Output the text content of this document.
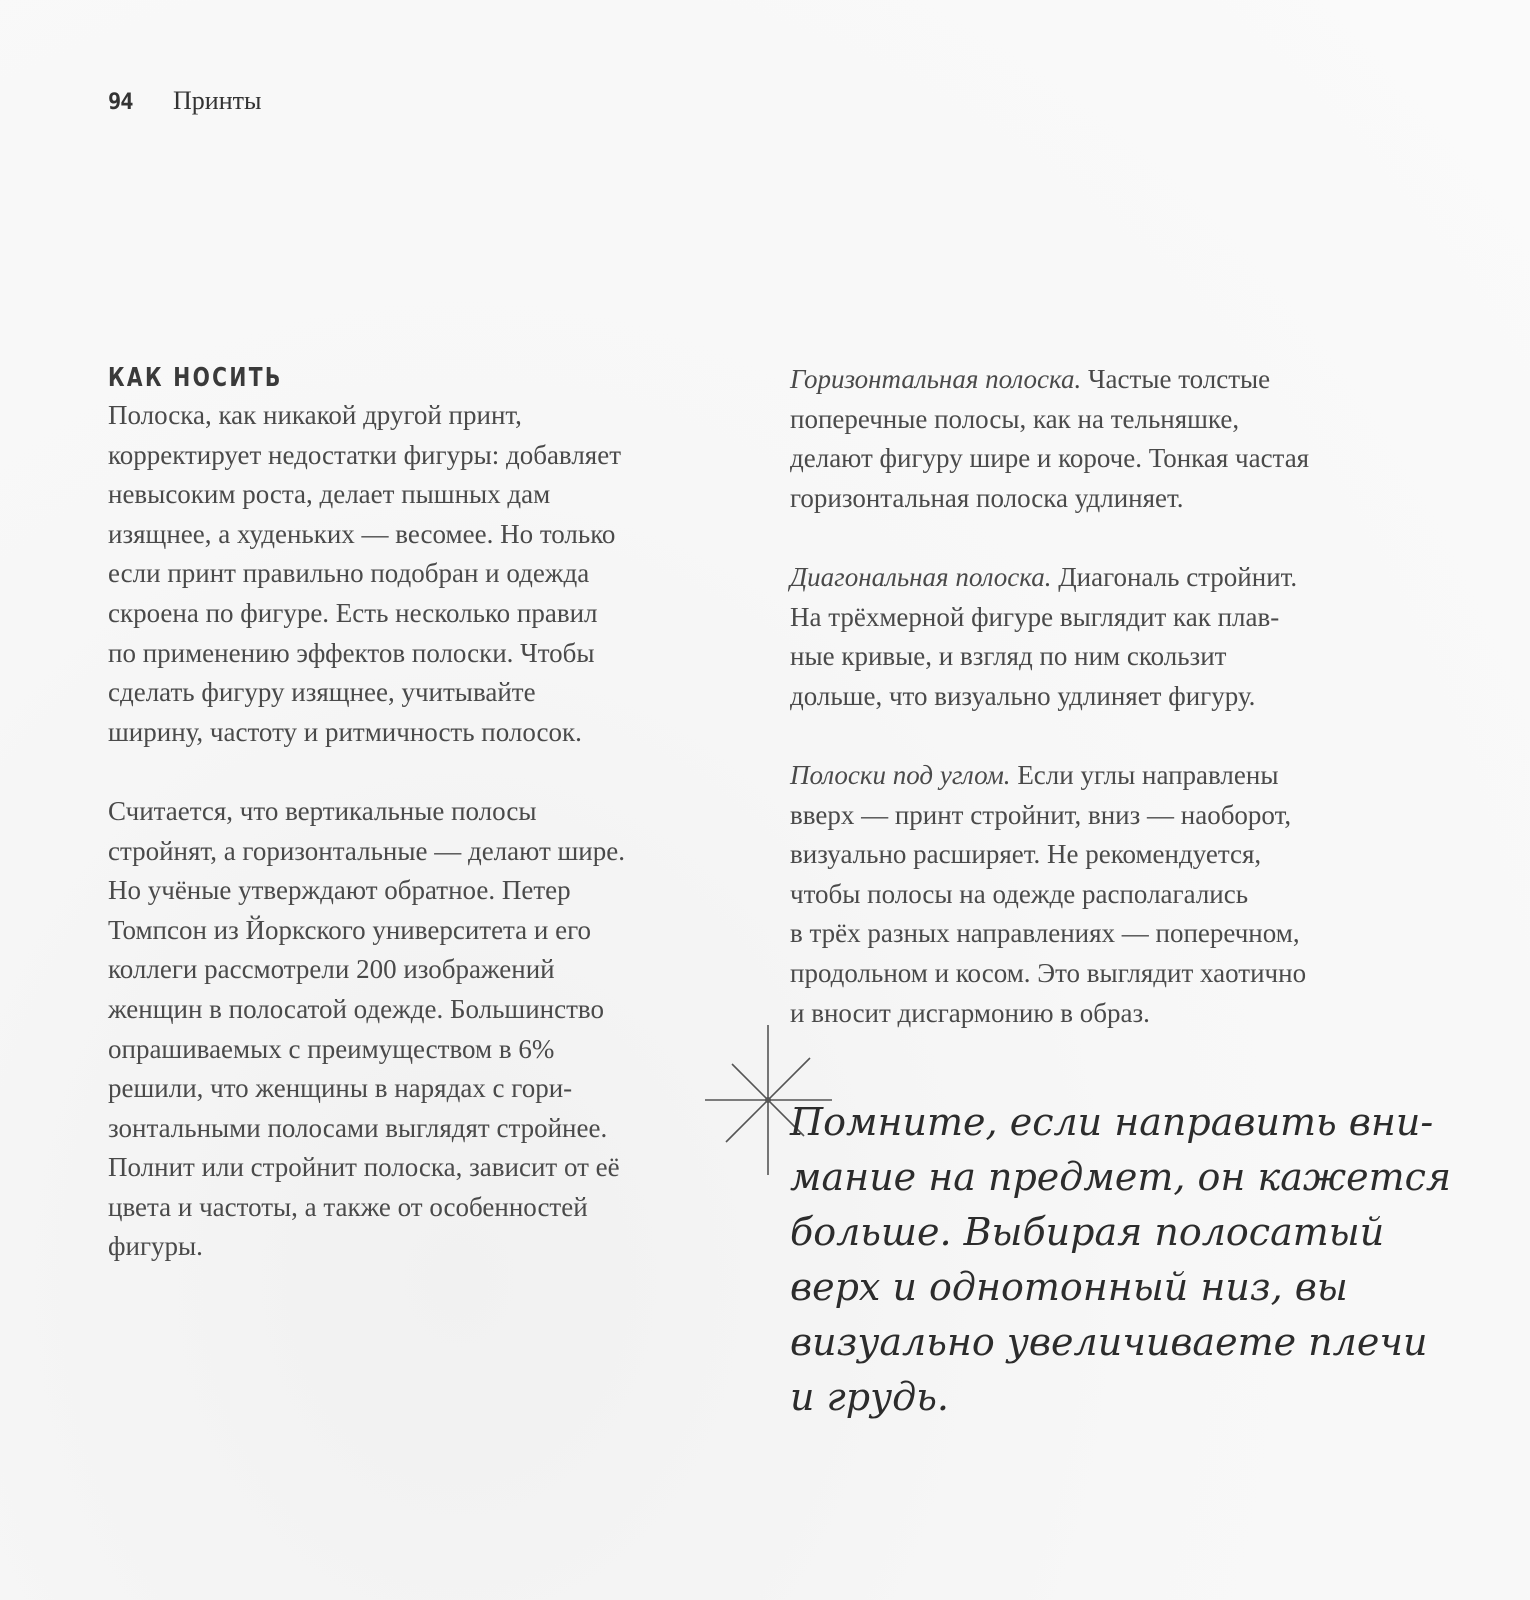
94 Принты
КАК НОСИТЬ

Полоска, как никакой другой принт,
корректирует недостатки фигуры: добавляет
невысоким роста, делает пышных дам
изящнее, а худеньких — весомее. Но только
если принт правильно подобран и одежда
скроена по фигуре. Есть несколько правил
по применению эффектов полоски. Чтобы
сделать фигуру изящнее, учитывайте
ширину, частоту и ритмичность полосок.

Считается, что вертикальные полосы
стройнят, а горизонтальные — делают шире.
Но учёные утверждают обратное. Петер
Томпсон из Йоркского университета и его
коллеги рассмотрели 200 изображений
женщин в полосатой одежде. Большинство
опрашиваемых с преимуществом в 6%
решили, что женщины в нарядах с гори-
зонтальными полосами выглядят стройнее.
Полнит или стройнит полоска, зависит от её
цвета и частоты, а также от особенностей
фигуры.

Горизонтальная полоска. Частые толстые
поперечные полосы, как на тельняшке,
делают фигуру шире и короче. Тонкая частая
горизонтальная полоска удлиняет.

Диагональная полоска. Диагональ стройнит.
На трёхмерной фигуре выглядит как плав-
ные кривые, и взгляд по ним скользит
дольше, что визуально удлиняет фигуру.

Полоски под углом. Если углы направлены
вверх — принт стройнит, вниз — наоборот,
визуально расширяет. Не рекомендуется,
чтобы полосы на одежде располагались
в трёх разных направлениях — поперечном,
продольном и косом. Это выглядит хаотично
и вносит дисгармонию в образ.

Помните, если направить вни-
мание на предмет, он кажется
больше. Выбирая полосатый
верх и однотонный низ, вы
визуально увеличиваете плечи
и грудь.
